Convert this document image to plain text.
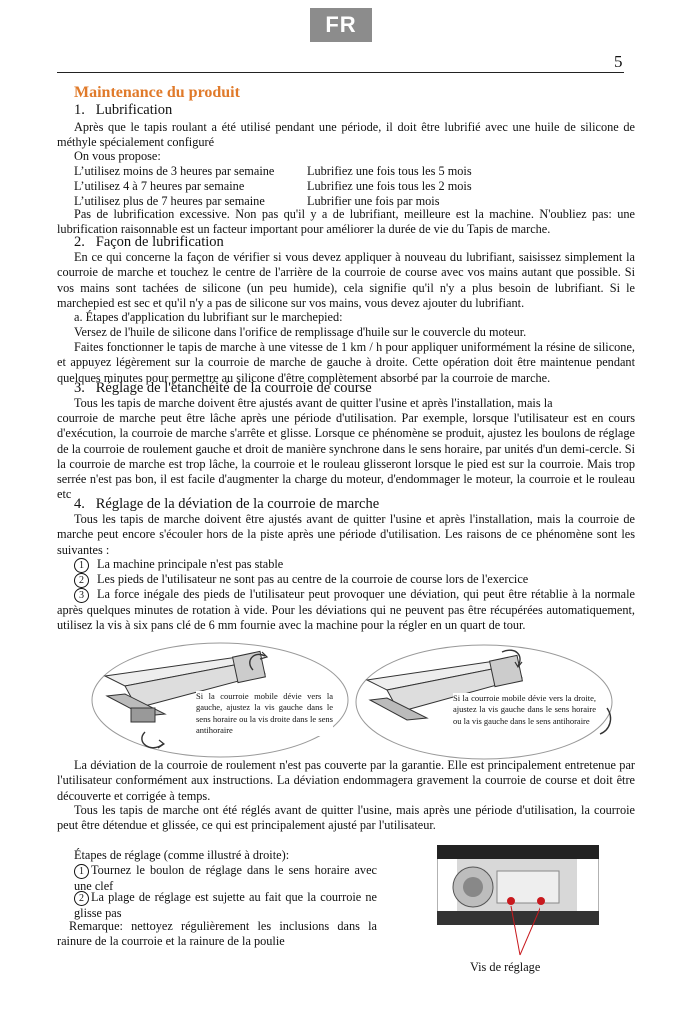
FR
5
Maintenance du produit
1.   Lubrification
Après que le tapis roulant a été utilisé pendant une période, il doit être lubrifié avec une huile de silicone de méthyle spécialement configuré
On vous propose:
L’utilisez moins de 3 heures par semaine	Lubrifiez une fois tous les 5 mois
L’utilisez 4 à 7 heures par semaine	Lubrifiez une fois tous les 2 mois
L’utilisez plus de 7 heures par semaine	Lubrifier une fois par mois
Pas de lubrification excessive. Non pas qu'il y a de lubrifiant, meilleure est la machine. N'oubliez pas: une lubrification raisonnable est un facteur important pour améliorer la durée de vie du Tapis de marche.
2.   Façon de lubrification
En ce qui concerne la façon de vérifier si vous devez appliquer à nouveau du lubrifiant, saisissez simplement la courroie de marche et touchez le centre de l'arrière de la courroie de course avec vos mains autant que possible. Si vos mains sont tachées de silicone (un peu humide), cela signifie qu'il n'y a plus besoin de lubrifiant. Si le marchepied est sec et qu'il n'y a pas de silicone sur vos mains, vous devez ajouter du lubrifiant.
a. Étapes d'application du lubrifiant sur le marchepied:
Versez de l'huile de silicone dans l'orifice de remplissage d'huile sur le couvercle du moteur.
Faites fonctionner le tapis de marche à une vitesse de 1 km / h pour appliquer uniformément la résine de silicone, et appuyez légèrement sur la courroie de marche de gauche à droite. Cette opération doit être maintenue pendant quelques minutes pour permettre au silicone d'être complètement absorbé par la courroie de marche.
3.   Réglage de l'étanchéité de la courroie de course
Tous les tapis de marche doivent être ajustés avant de quitter l'usine et après l'installation, mais la
courroie de marche peut être lâche après une période d'utilisation. Par exemple, lorsque l'utilisateur est en cours d'exécution, la courroie de marche s'arrête et glisse. Lorsque ce phénomène se produit, ajustez les boulons de réglage de la courroie de roulement gauche et droit de manière synchrone dans le sens horaire, par unités d'un demi-cercle. Si la courroie de marche est trop lâche, la courroie et le rouleau glisseront lorsque le pied est sur la courroie. Mais trop serrée n'est pas bon, il est facile d'augmenter la charge du moteur, d'endommager le moteur, la courroie et le rouleau etc
4.   Réglage de la déviation de la courroie de marche
Tous les tapis de marche doivent être ajustés avant de quitter l'usine et après l'installation, mais la courroie de marche peut encore s'écouler hors de la piste après une période d'utilisation. Les raisons de ce phénomène sont les suivantes :
1 La machine principale n'est pas stable
2 Les pieds de l'utilisateur ne sont pas au centre de la courroie de course lors de l'exercice
3 La force inégale des pieds de l'utilisateur peut provoquer une déviation, qui peut être rétablie à la normale après quelques minutes de rotation à vide. Pour les déviations qui ne peuvent pas être récupérées automatiquement, utilisez la vis à six pans clé de 6 mm fournie avec la machine pour la régler en un quart de tour.
Si la courroie mobile dévie vers la gauche, ajustez la vis gauche dans le sens horaire ou la vis droite dans le sens antihoraire
Si la courroie mobile dévie vers la droite, ajustez la vis gauche dans le sens horaire ou la vis gauche dans le sens antihoraire
La déviation de la courroie de roulement n'est pas couverte par la garantie. Elle est principalement entretenue par l'utilisateur conformément aux instructions. La déviation endommagera gravement la courroie de course et doit être découverte et corrigée à temps.
Tous les tapis de marche ont été réglés avant de quitter l'usine, mais après une période d'utilisation, la courroie peut être détendue et glissée, ce qui est principalement ajusté par l'utilisateur.
Étapes de réglage (comme illustré à droite):
1 Tournez le boulon de réglage dans le sens horaire avec une clef
2 La plage de réglage est sujette au fait que la courroie ne glisse pas
Remarque: nettoyez régulièrement les inclusions dans la rainure de la courroie et la rainure de la poulie
Vis de réglage
